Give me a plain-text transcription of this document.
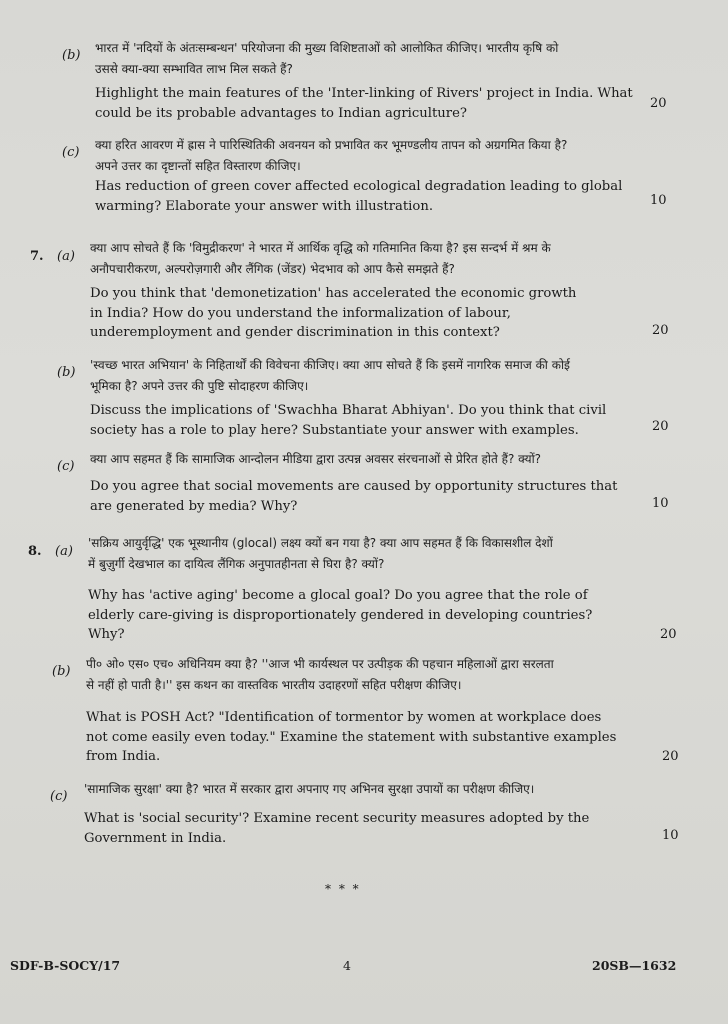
(b) भारत में 'नदियों के अंतःसम्बन्धन' परियोजना की मुख्य विशिष्टताओं को आलोकित कीजिए। भारतीय कृषि को
उससे क्या-क्या सम्भावित लाभ मिल सकते हैं?
Highlight the main features of the 'Inter-linking of Rivers' project in India. What
could be its probable advantages to Indian agriculture?
20
(c) क्या हरित आवरण में ह्रास ने पारिस्थितिकी अवनयन को प्रभावित कर भूमण्डलीय तापन को अग्रगमित किया है?
अपने उत्तर का दृष्टान्तों सहित विस्तारण कीजिए।
Has reduction of green cover affected ecological degradation leading to global
warming? Elaborate your answer with illustration.	10
7. (a)
क्या आप सोचते हैं कि 'विमुद्रीकरण' ने भारत में आर्थिक वृद्धि को गतिमानित किया है? इस सन्दर्भ में श्रम के
अनौपचारीकरण, अल्परोज़गारी और लैंगिक (जेंडर) भेदभाव को आप कैसे समझते हैं?
Do you think that 'demonetization' has accelerated the economic growth
in India? How do you understand the informalization of labour,
underemployment and gender discrimination in this context?	20
(b) 'स्वच्छ भारत अभियान' के निहितार्थों की विवेचना कीजिए। क्या आप सोचते हैं कि इसमें नागरिक समाज की कोई
भूमिका है? अपने उत्तर की पुष्टि सोदाहरण कीजिए।
Discuss the implications of 'Swachha Bharat Abhiyan'. Do you think that civil
society has a role to play here? Substantiate your answer with examples.	20
(c) क्या आप सहमत हैं कि सामाजिक आन्दोलन मीडिया द्वारा उत्पन्न अवसर संरचनाओं से प्रेरित होते हैं? क्यों?
Do you agree that social movements are caused by opportunity structures that
are generated by media? Why?	10
8. (a)
'सक्रिय आयुर्वृद्धि' एक भूस्थानीय (glocal) लक्ष्य क्यों बन गया है? क्या आप सहमत हैं कि विकासशील देशों
में बुज़ुर्गी देखभाल का दायित्व लैंगिक अनुपातहीनता से घिरा है? क्यों?
Why has 'active aging' become a glocal goal? Do you agree that the role of
elderly care-giving is disproportionately gendered in developing countries?
Why?	20
(b) पी० ओ० एस० एच० अधिनियम क्या है? ''आज भी कार्यस्थल पर उत्पीड़क की पहचान महिलाओं द्वारा सरलता
से नहीं हो पाती है।'' इस कथन का वास्तविक भारतीय उदाहरणों सहित परीक्षण कीजिए।
What is POSH Act? "Identification of tormentor by women at workplace does
not come easily even today." Examine the statement with substantive examples
from India.	20
(c) 'सामाजिक सुरक्षा' क्या है? भारत में सरकार द्वारा अपनाए गए अभिनव सुरक्षा उपायों का परीक्षण कीजिए।
What is 'social security'? Examine recent security measures adopted by the
Government in India.	10
* * *
SDF-B-SOCY/17	4	20SB—1632
